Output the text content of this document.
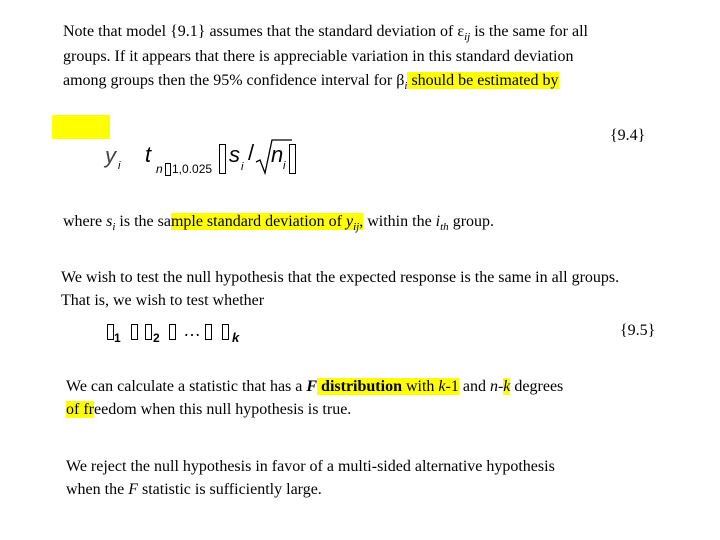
Note that model {9.1} assumes that the standard deviation of $\varepsilon_{ij}$ is the same for all

groups. If it appears that there is appreciable variation in this standard deviation

among groups then the 95% confidence interval for $\beta_i$ should be estimated by

{9.4}
y i t
n 1,0.025
s i
/ n i

where $s_i$ is the sample standard deviation of $y_{ij}$, within the $i_{th}$ group.

We wish to test the null hypothesis that the expected response is the same in all groups.

That is, we wish to test whether

{9.5}
1	2 … k

We can calculate a statistic that has a F distribution with k-1 and n-k degrees

of freedom when this null hypothesis is true.

We reject the null hypothesis in favor of a multi-sided alternative hypothesis

when the F statistic is sufficiently large.
